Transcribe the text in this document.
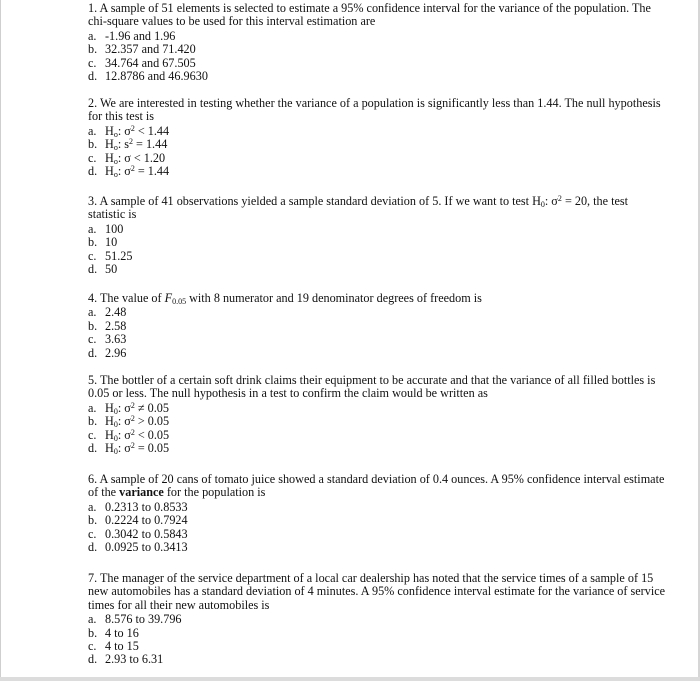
1. A sample of 51 elements is selected to estimate a 95% confidence interval for the variance of the population. The chi-square values to be used for this interval estimation are

a. -1.96 and 1.96
b. 32.357 and 71.420
c. 34.764 and 67.505
d. 12.8786 and 46.9630

2. We are interested in testing whether the variance of a population is significantly less than 1.44. The null hypothesis for this test is

a. $H_o$: $\sigma^2 < 1.44$
b. $H_o$: $s^2 = 1.44$
c. $H_o$: σ < 1.20
d. $H_o$: $\sigma^2 = 1.44$

3. A sample of 41 observations yielded a sample standard deviation of 5. If we want to test $H_0$: $\sigma^2 = 20$, the test statistic is

a. 100
b. 10
c. 51.25
d. 50

4. The value of $F_{0.05}$ with 8 numerator and 19 denominator degrees of freedom is

a. 2.48
b. 2.58
c. 3.63
d. 2.96

5. The bottler of a certain soft drink claims their equipment to be accurate and that the variance of all filled bottles is 0.05 or less. The null hypothesis in a test to confirm the claim would be written as

a. $H_0$: $\sigma^2 \ne 0.05$
b. $H_0$: $\sigma^2 > 0.05$
c. $H_0$: $\sigma^2 < 0.05$
d. $H_0$: $\sigma^2 = 0.05$

6. A sample of 20 cans of tomato juice showed a standard deviation of 0.4 ounces. A 95% confidence interval estimate of the variance for the population is

a. 0.2313 to 0.8533
b. 0.2224 to 0.7924
c. 0.3042 to 0.5843
d. 0.0925 to 0.3413

7. The manager of the service department of a local car dealership has noted that the service times of a sample of 15 new automobiles has a standard deviation of 4 minutes. A 95% confidence interval estimate for the variance of service times for all their new automobiles is

a. 8.576 to 39.796
b. 4 to 16
c. 4 to 15
d. 2.93 to 6.31
